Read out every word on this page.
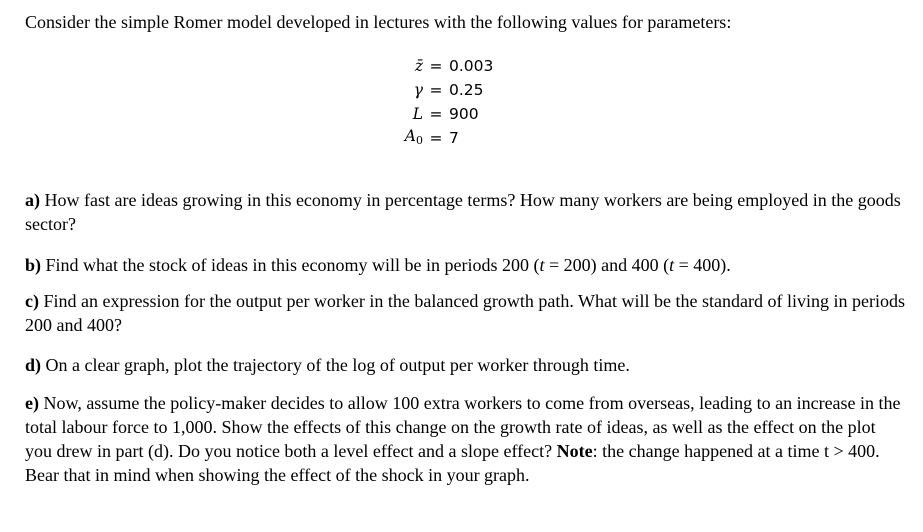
Consider the simple Romer model developed in lectures with the following values for parameters:
z̄ = 0.003
γ = 0.25
L = 900
$A_0 = 7$

a) How fast are ideas growing in this economy in percentage terms? How many workers are being employed in the goods sector?

b) Find what the stock of ideas in this economy will be in periods 200 (t = 200) and 400 (t = 400).

c) Find an expression for the output per worker in the balanced growth path. What will be the standard of living in periods 200 and 400?

d) On a clear graph, plot the trajectory of the log of output per worker through time.

e) Now, assume the policy-maker decides to allow 100 extra workers to come from overseas, leading to an increase in the total labour force to 1,000. Show the effects of this change on the growth rate of ideas, as well as the effect on the plot you drew in part (d). Do you notice both a level effect and a slope effect? Note: the change happened at a time t > 400. Bear that in mind when showing the effect of the shock in your graph.
